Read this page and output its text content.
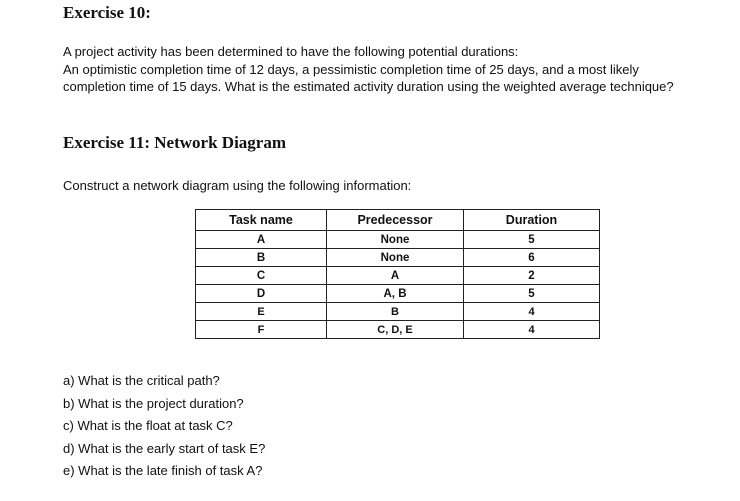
Exercise 10:

A project activity has been determined to have the following potential durations:
An optimistic completion time of 12 days, a pessimistic completion time of 25 days, and a most likely
completion time of 15 days. What is the estimated activity duration using the weighted average technique?

Exercise 11: Network Diagram

Construct a network diagram using the following information:

Task name	Predecessor	Duration
A	None	5
B	None	6
C	A	2
D	A, B	5
E	B	4
F	C, D, E	4
a) What is the critical path?
b) What is the project duration?
c) What is the float at task C?
d) What is the early start of task E?
e) What is the late finish of task A?
